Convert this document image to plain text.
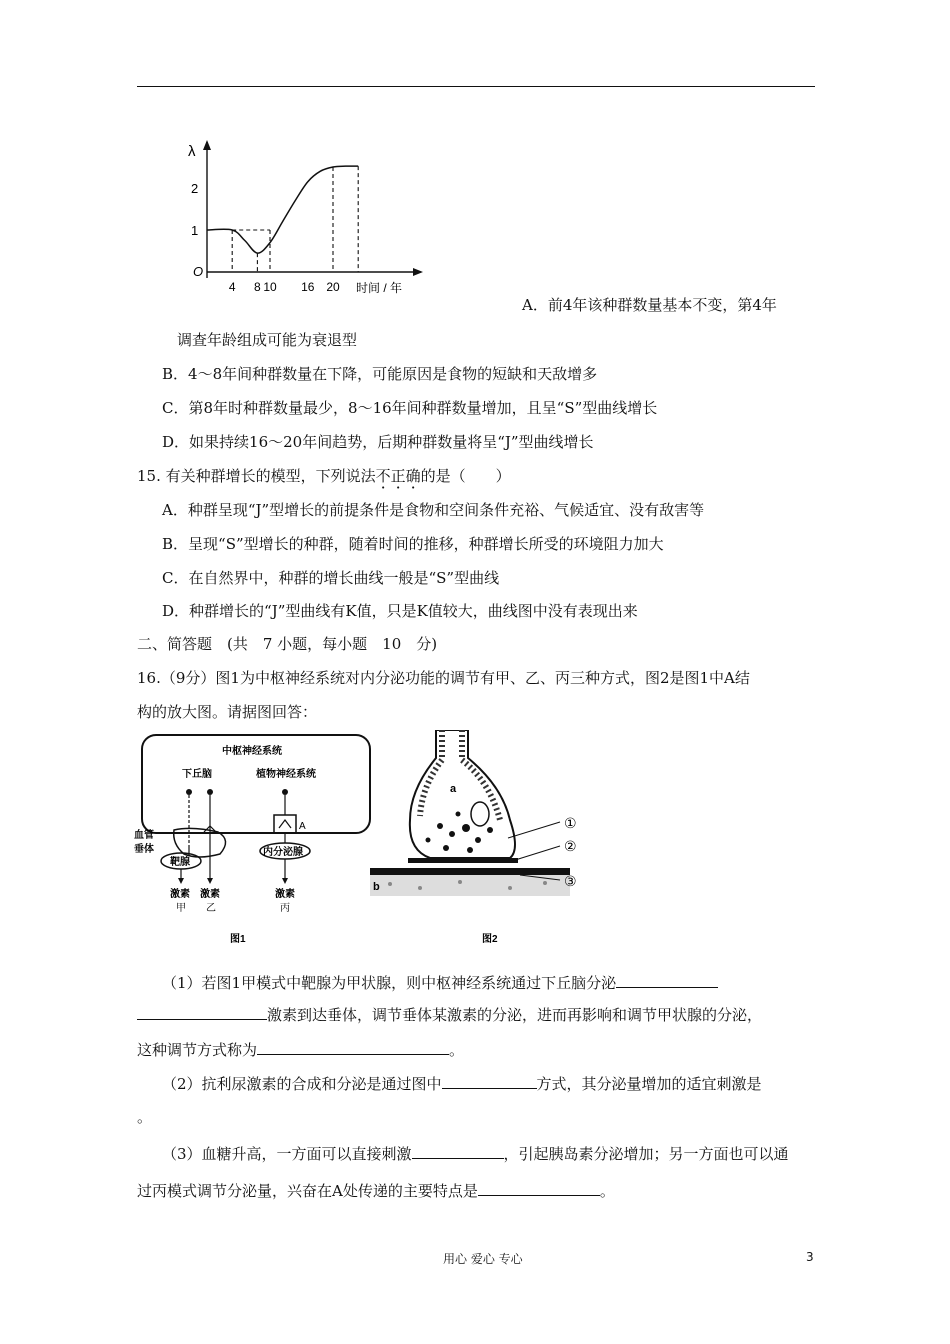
λ
O
时间 / 年
1
2
4 8 10 16 20
A．前4年该种群数量基本不变，第4年
调查年龄组成可能为衰退型
B．4～8年间种群数量在下降，可能原因是食物的短缺和天敌增多
C．第8年时种群数量最少，8～16年间种群数量增加，且呈“S”型曲线增长
D．如果持续16～20年间趋势，后期种群数量将呈“J”型曲线增长
15. 有关种群增长的模型，下列说法不正确的是（　　）
A．种群呈现“J”型增长的前提条件是食物和空间条件充裕、气候适宜、没有敌害等
B．呈现“S”型增长的种群，随着时间的推移，种群增长所受的环境阻力加大
C．在自然界中，种群的增长曲线一般是“S”型曲线
D．种群增长的“J”型曲线有K值，只是K值较大，曲线图中没有表现出来
二、简答题　(共　7 小题，每小题　10　分)
16.（9分）图1为中枢神经系统对内分泌功能的调节有甲、乙、丙三种方式，图2是图1中A结
构的放大图。请据图回答：
中枢神经系统
下丘脑	植物神经系统
血管
垂体
靶腺
A
内分泌腺
激素 激素	激素
甲 乙	丙
图1
a
b
①
②
③
图2
（1）若图1甲模式中靶腺为甲状腺，则中枢神经系统通过下丘脑分泌
激素到达垂体，调节垂体某激素的分泌，进而再影响和调节甲状腺的分泌，
这种调节方式称为	。
（2）抗利尿激素的合成和分泌是通过图中	方式，其分泌量增加的适宜刺激是
。
（3）血糖升高，一方面可以直接刺激	，引起胰岛素分泌增加；另一方面也可以通
过丙模式调节分泌量，兴奋在A处传递的主要特点是	。
用心 爱心 专心	3
